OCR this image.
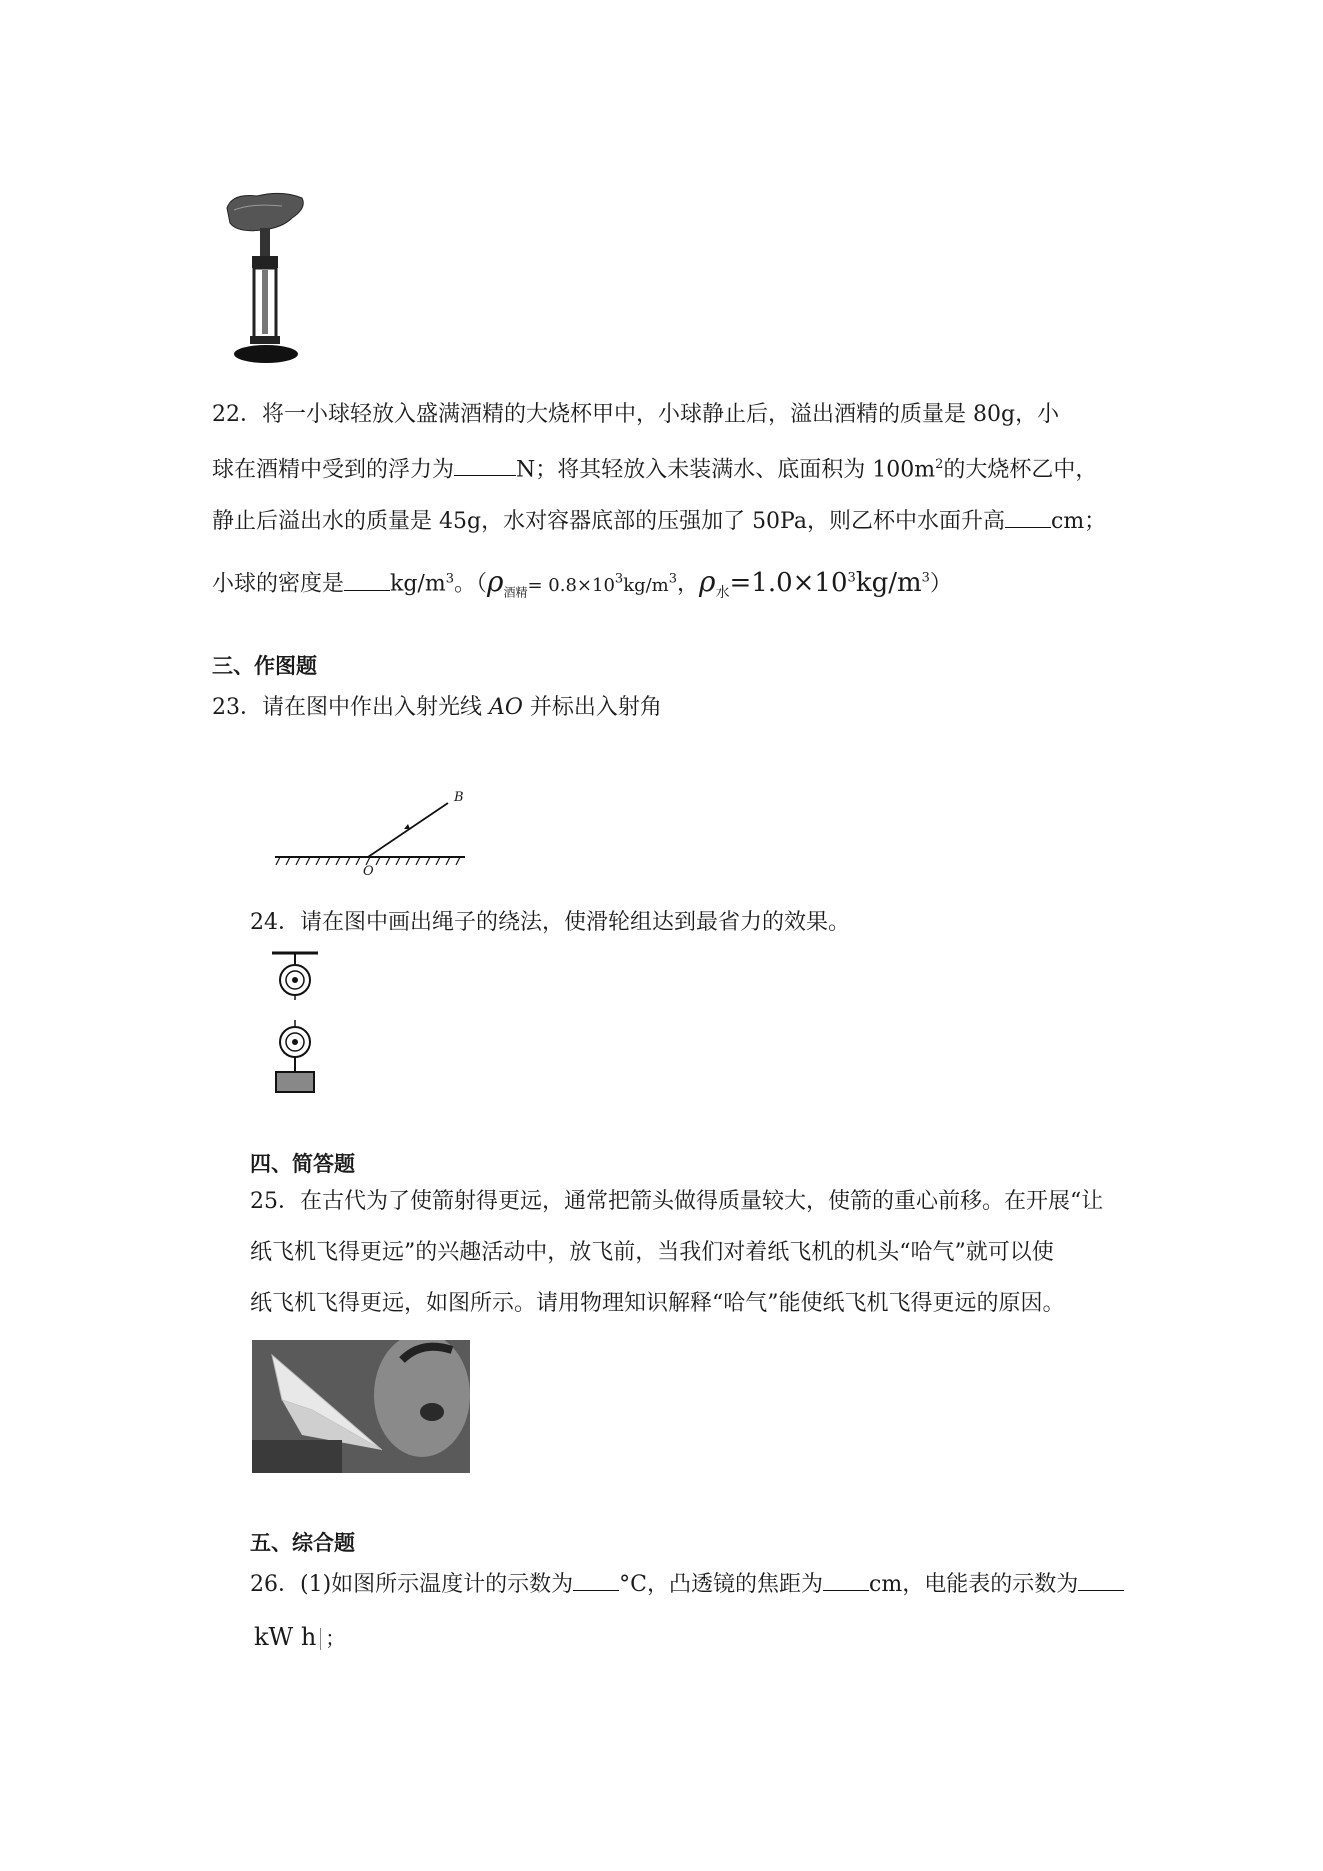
22．将一小球轻放入盛满酒精的大烧杯甲中，小球静止后，溢出酒精的质量是 80g，小
球在酒精中受到的浮力为	N；将其轻放入未装满水、底面积为 $100m^2$的大烧杯乙中，
静止后溢出水的质量是 45g，水对容器底部的压强加了 50Pa，则乙杯中水面升高 cm；
小球的密度是 $kg/m^3$。（$\rho_{酒精}= 0.8\times 10^3kg/m^3$，$\rho_水=1.0\times 10^3kg/m^3$）
三、作图题
23．请在图中作出入射光线 AO 并标出入射角
B
O
24．请在图中画出绳子的绕法，使滑轮组达到最省力的效果。
四、简答题
25．在古代为了使箭射得更远，通常把箭头做得质量较大，使箭的重心前移。在开展“让
纸飞机飞得更远”的兴趣活动中，放飞前，当我们对着纸飞机的机头“哈气”就可以使
纸飞机飞得更远，如图所示。请用物理知识解释“哈气”能使纸飞机飞得更远的原因。
五、综合题
26．(1)如图所示温度计的示数为 °C，凸透镜的焦距为 cm，电能表的示数为
kW h ；
